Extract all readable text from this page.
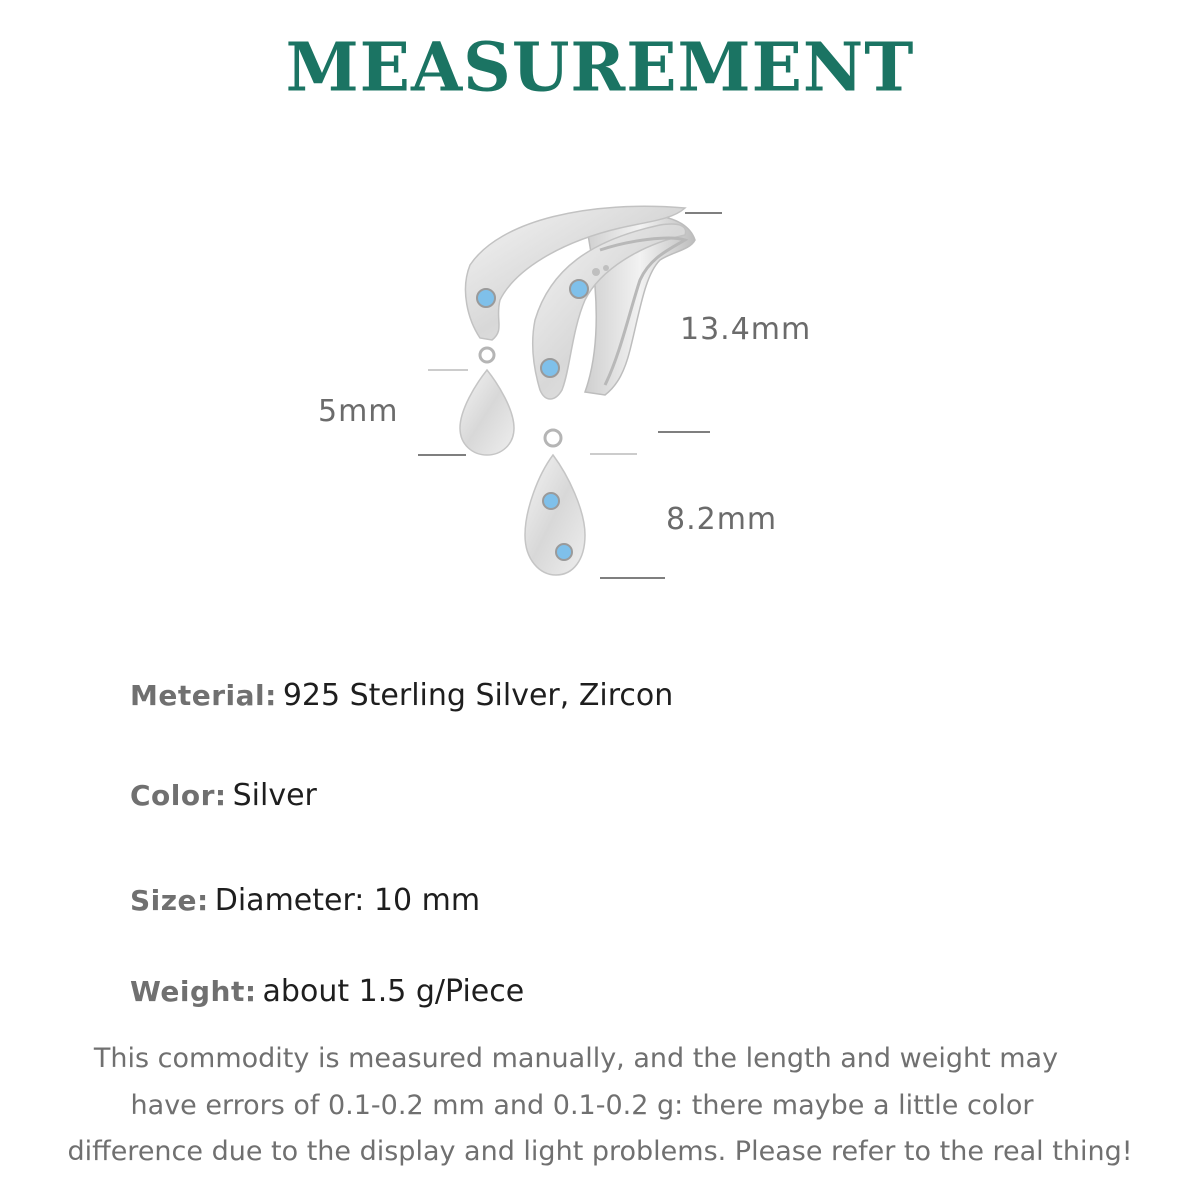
MEASUREMENT
13.4mm
5mm
8.2mm
Meterial: 925 Sterling Silver, Zircon
Color: Silver
Size: Diameter: 10 mm
Weight: about 1.5 g/Piece
This commodity is measured manually, and the length and weight may
have errors of 0.1-0.2 mm and 0.1-0.2 g: there maybe a little color
difference due to the display and light problems. Please refer to the real thing!
